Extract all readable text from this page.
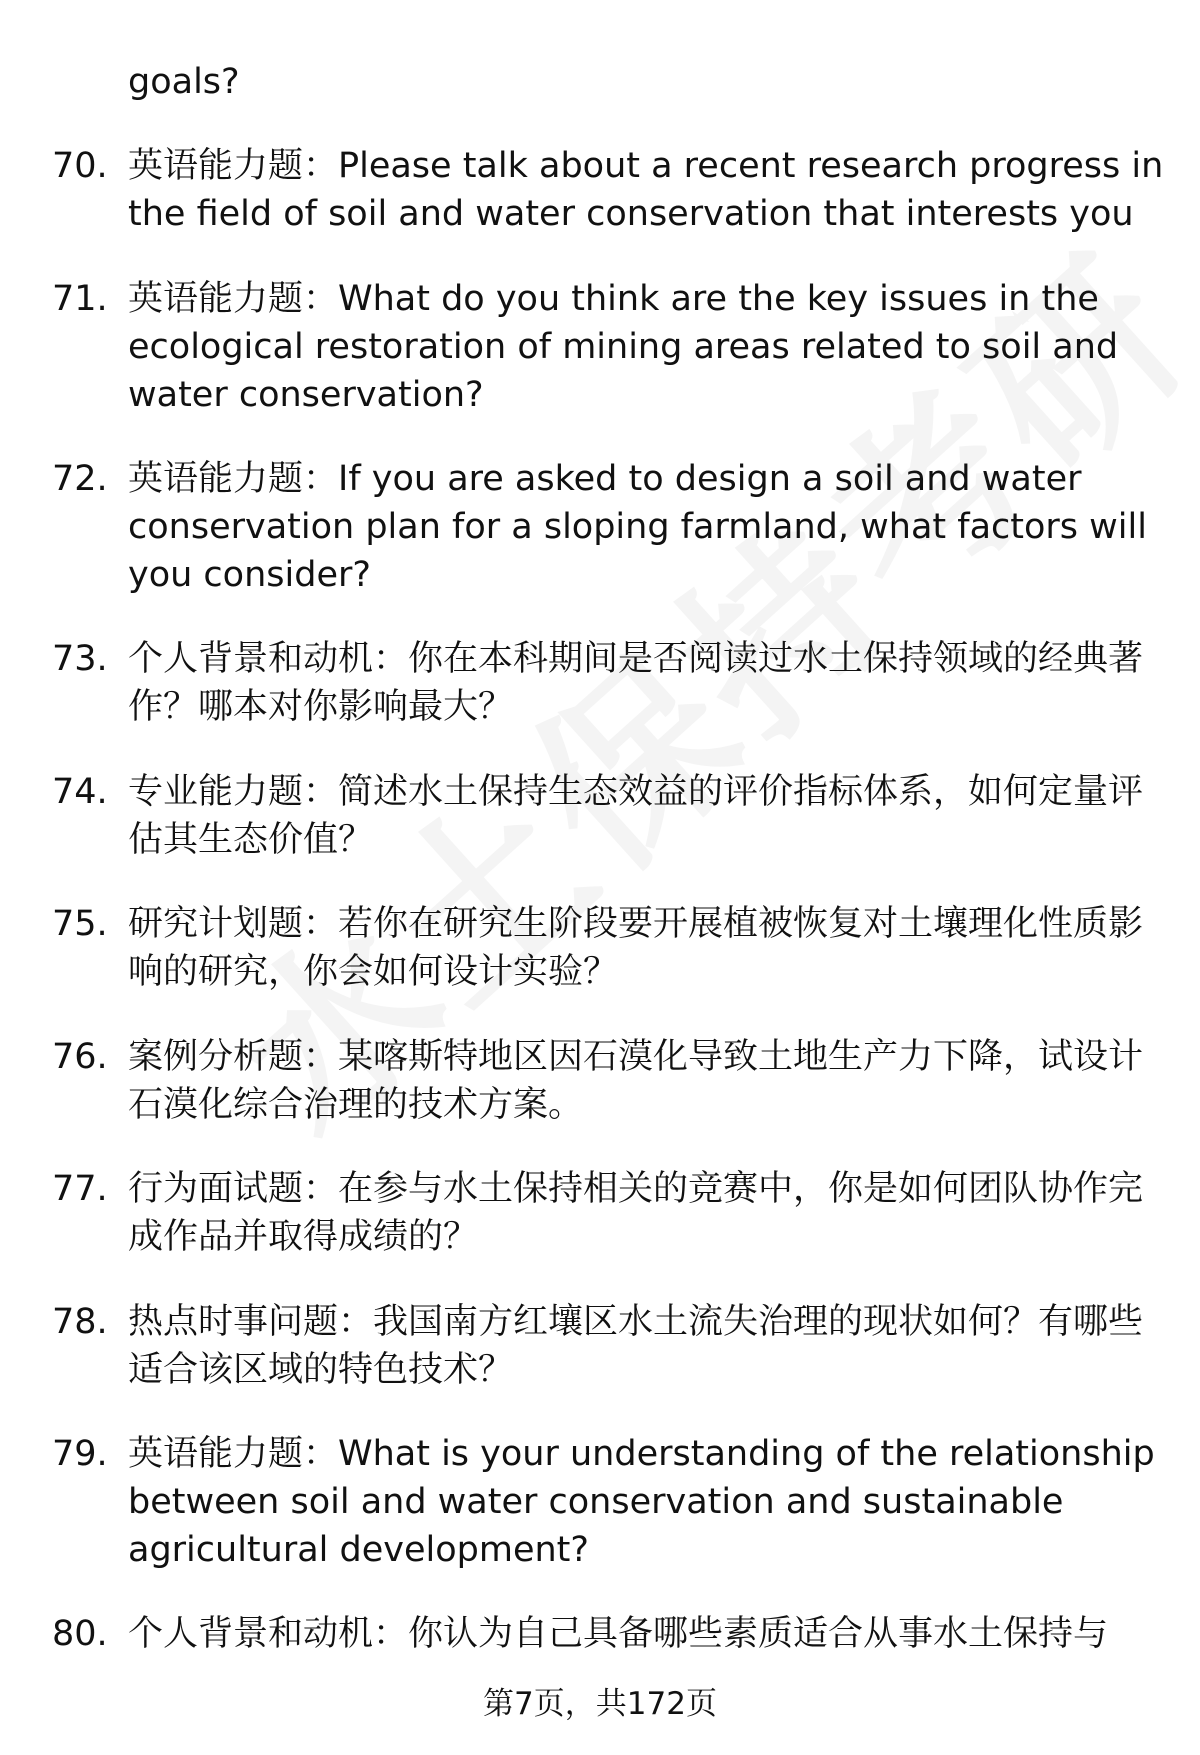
goals?
70. 英语能力题：Please talk about a recent research progress in the field of soil and water conservation that interests you
71. 英语能力题：What do you think are the key issues in the ecological restoration of mining areas related to soil and water conservation?
72. 英语能力题：If you are asked to design a soil and water conservation plan for a sloping farmland, what factors will you consider?
73. 个人背景和动机：你在本科期间是否阅读过水土保持领域的经典著作？哪本对你影响最大？
74. 专业能力题：简述水土保持生态效益的评价指标体系，如何定量评估其生态价值？
75. 研究计划题：若你在研究生阶段要开展植被恢复对土壤理化性质影响的研究，你会如何设计实验？
76. 案例分析题：某喀斯特地区因石漠化导致土地生产力下降，试设计石漠化综合治理的技术方案。
77. 行为面试题：在参与水土保持相关的竞赛中，你是如何团队协作完成作品并取得成绩的？
78. 热点时事问题：我国南方红壤区水土流失治理的现状如何？有哪些适合该区域的特色技术？
79. 英语能力题：What is your understanding of the relationship between soil and water conservation and sustainable agricultural development?
80. 个人背景和动机：你认为自己具备哪些素质适合从事水土保持与
第7页，共172页
